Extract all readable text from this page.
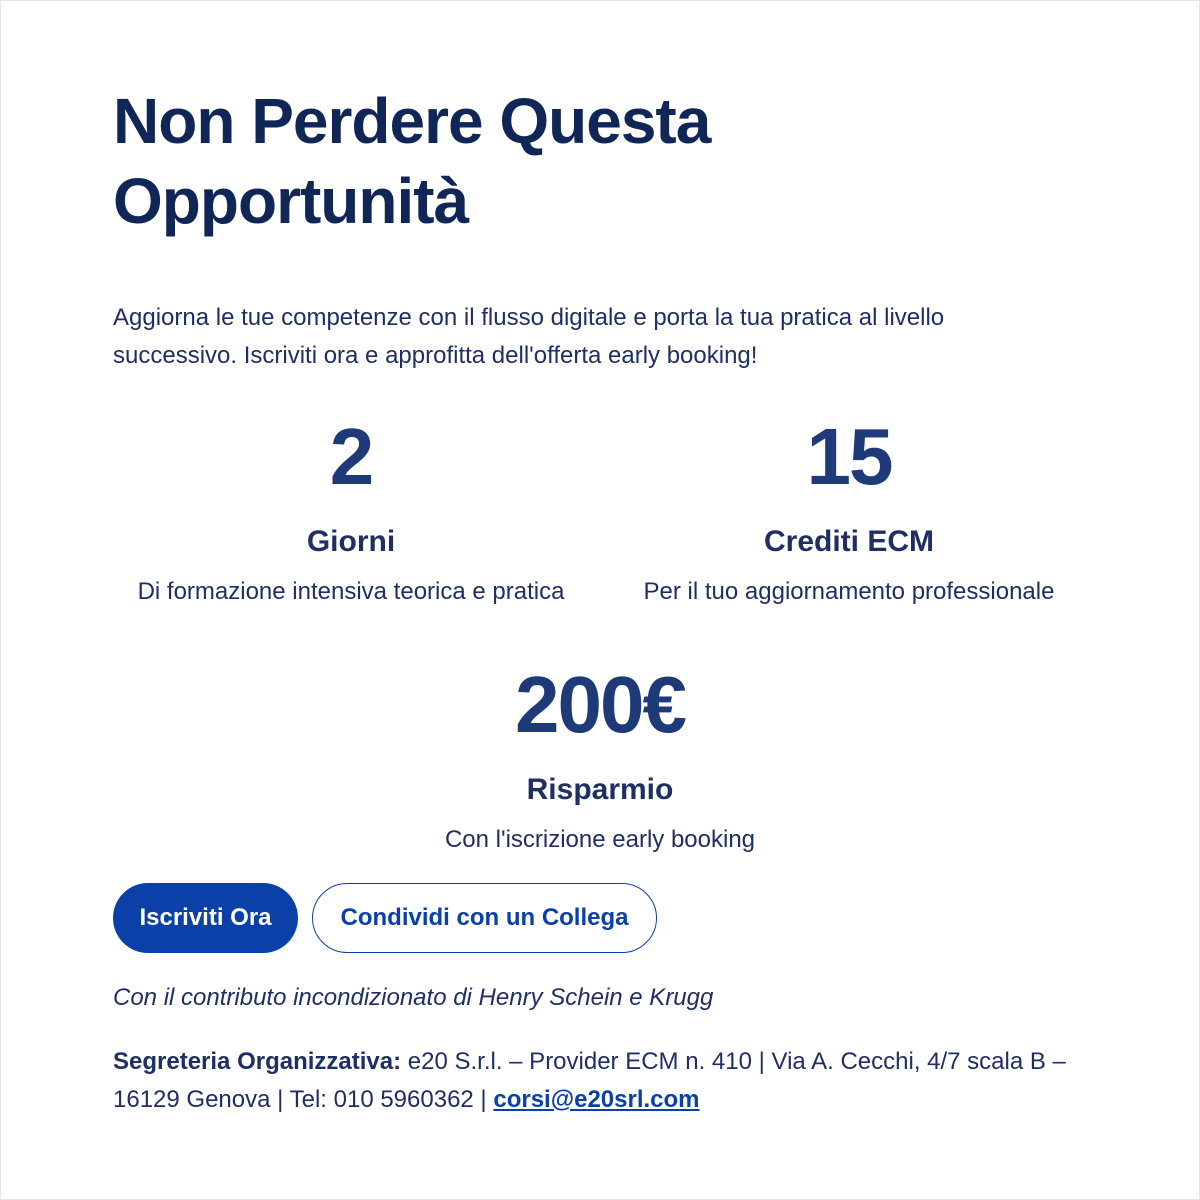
Non Perdere Questa Opportunità

Aggiorna le tue competenze con il flusso digitale e porta la tua pratica al livello successivo. Iscriviti ora e approfitta dell'offerta early booking!

2
Giorni
Di formazione intensiva teorica e pratica
15
Crediti ECM
Per il tuo aggiornamento professionale
200€
Risparmio
Con l'iscrizione early booking
Iscriviti Ora	Condividi con un Collega
Con il contributo incondizionato di Henry Schein e Krugg
Segreteria Organizzativa: e20 S.r.l. – Provider ECM n. 410 | Via A. Cecchi, 4/7 scala B – 16129 Genova | Tel: 010 5960362 | corsi@e20srl.com
